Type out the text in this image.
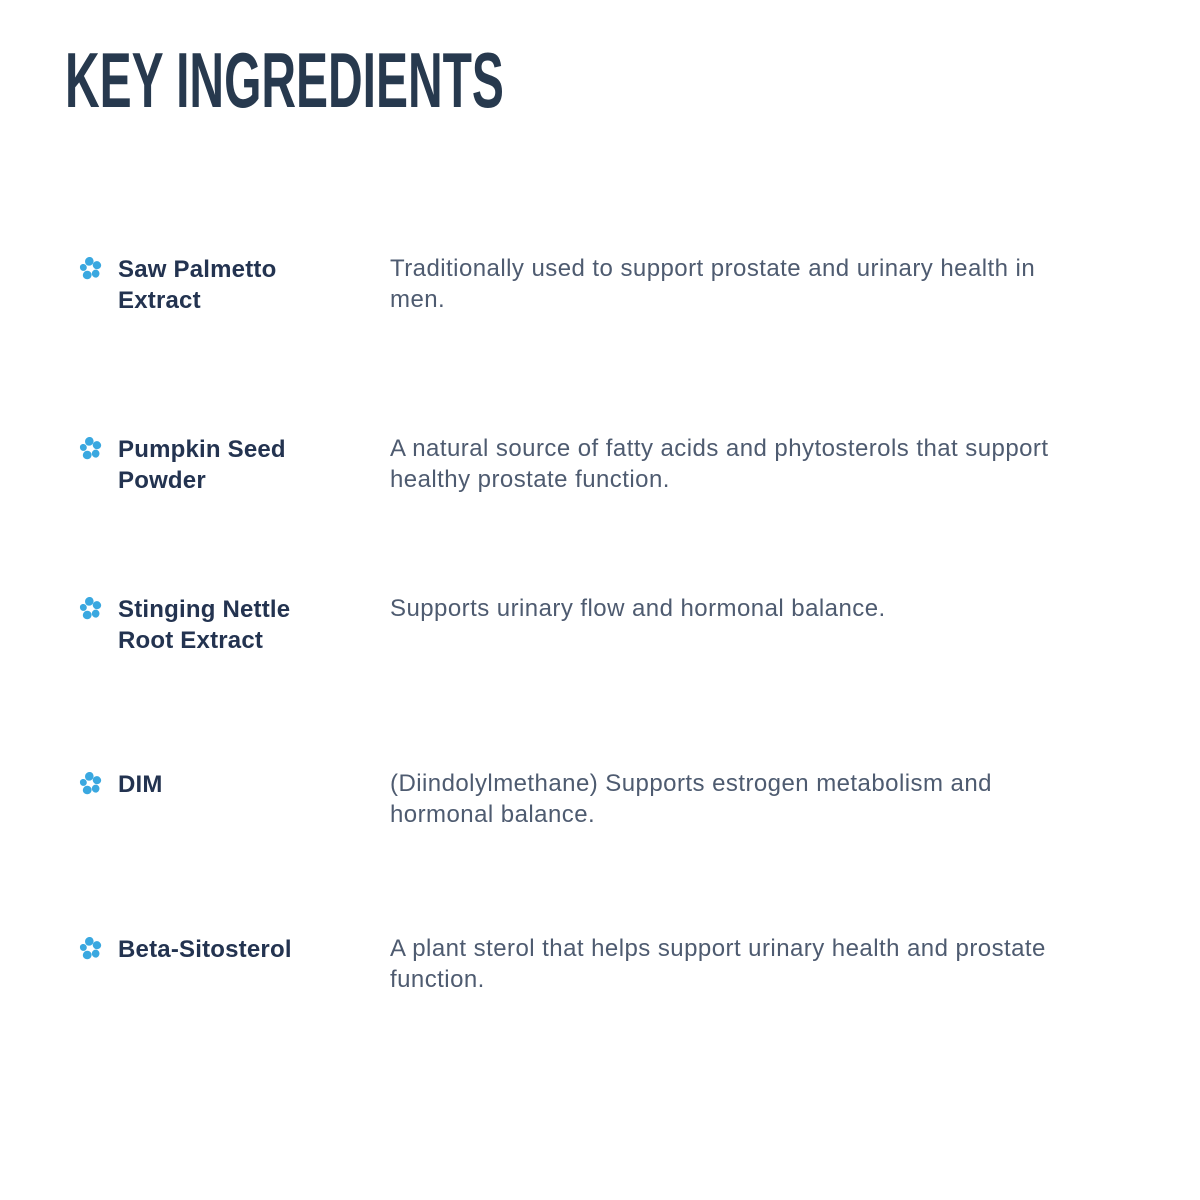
KEY INGREDIENTS
Saw Palmetto Extract
Traditionally used to support prostate and urinary health in men.
Pumpkin Seed Powder
A natural source of fatty acids and phytosterols that support healthy prostate function.
Stinging Nettle Root Extract
Supports urinary flow and hormonal balance.
DIM	(Diindolylmethane) Supports estrogen metabolism and hormonal balance.
Beta-Sitosterol	A plant sterol that helps support urinary health and prostate function.
